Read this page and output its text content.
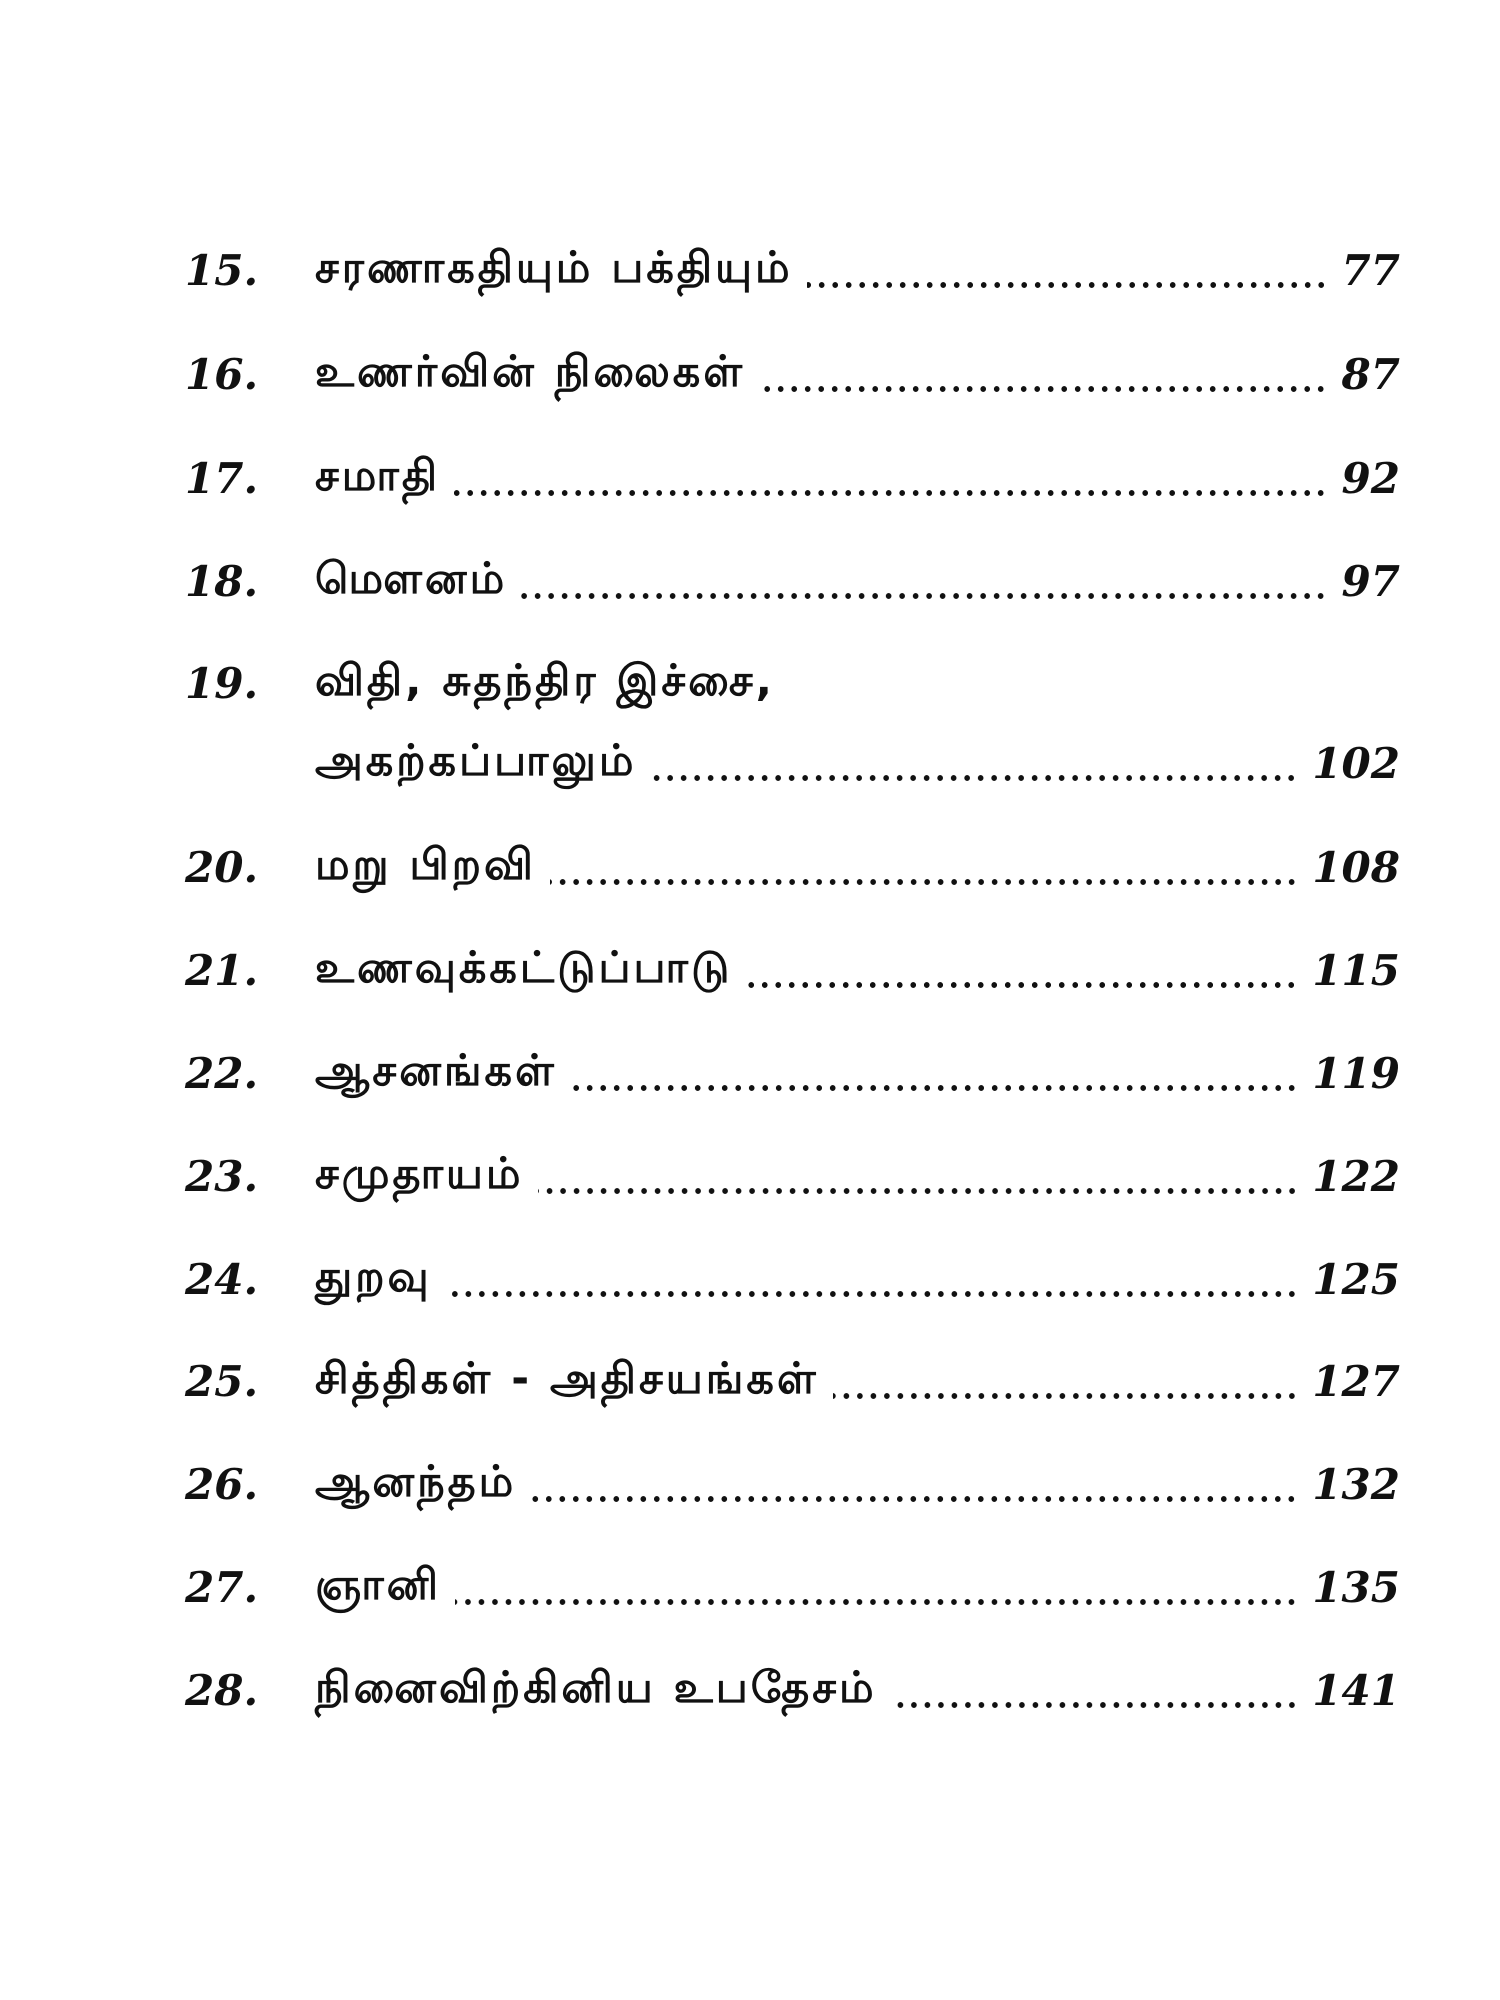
15.	சரணாகதியும் பக்தியும்	77
16.	உணர்வின் நிலைகள்	87
17.	சமாதி	92
18.	மௌனம்	97
19.	விதி, சுதந்திர இச்சை,
அகற்கப்பாலும்	102
20.	மறு பிறவி	108
21.	உணவுக்கட்டுப்பாடு	115
22.	ஆசனங்கள்	119
23.	சமுதாயம்	122
24.	துறவு	125
25.	சித்திகள் - அதிசயங்கள்	127
26.	ஆனந்தம்	132
27.	ஞானி	135
28.	நினைவிற்கினிய உபதேசம்	141
